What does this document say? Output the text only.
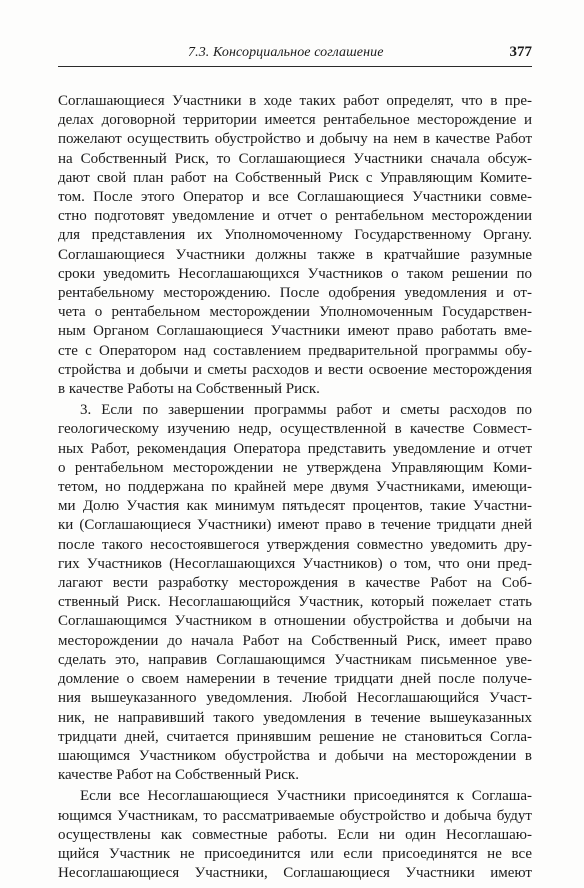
7.3. Консорциальное соглашение	377

Соглашающиеся Участники в ходе таких работ определят, что в пре-

делах договорной территории имеется рентабельное месторождение и

пожелают осуществить обустройство и добычу на нем в качестве Работ

на Собственный Риск, то Соглашающиеся Участники сначала обсуж-

дают свой план работ на Собственный Риск с Управляющим Комите-

том. После этого Оператор и все Соглашающиеся Участники совме-

стно подготовят уведомление и отчет о рентабельном месторождении

для представления их Уполномоченному Государственному Органу.

Соглашающиеся Участники должны также в кратчайшие разумные

сроки уведомить Несоглашающихся Участников о таком решении по

рентабельному месторождению. После одобрения уведомления и от-

чета о рентабельном месторождении Уполномоченным Государствен-

ным Органом Соглашающиеся Участники имеют право работать вме-

сте с Оператором над составлением предварительной программы обу-

стройства и добычи и сметы расходов и вести освоение месторождения

в качестве Работы на Собственный Риск.

3. Если по завершении программы работ и сметы расходов по

геологическому изучению недр, осуществленной в качестве Совмест-

ных Работ, рекомендация Оператора представить уведомление и отчет

о рентабельном месторождении не утверждена Управляющим Коми-

тетом, но поддержана по крайней мере двумя Участниками, имеющи-

ми Долю Участия как минимум пятьдесят процентов, такие Участни-

ки (Соглашающиеся Участники) имеют право в течение тридцати дней

после такого несостоявшегося утверждения совместно уведомить дру-

гих Участников (Несоглашающихся Участников) о том, что они пред-

лагают вести разработку месторождения в качестве Работ на Соб-

ственный Риск. Несоглашающийся Участник, который пожелает стать

Соглашающимся Участником в отношении обустройства и добычи на

месторождении до начала Работ на Собственный Риск, имеет право

сделать это, направив Соглашающимся Участникам письменное уве-

домление о своем намерении в течение тридцати дней после получе-

ния вышеуказанного уведомления. Любой Несоглашающийся Участ-

ник, не направивший такого уведомления в течение вышеуказанных

тридцати дней, считается принявшим решение не становиться Согла-

шающимся Участником обустройства и добычи на месторождении в

качестве Работ на Собственный Риск.

Если все Несоглашающиеся Участники присоединятся к Соглаша-

ющимся Участникам, то рассматриваемые обустройство и добыча будут

осуществлены как совместные работы. Если ни один Несоглашаю-

щийся Участник не присоединится или если присоединятся не все

Несоглашающиеся Участники, Соглашающиеся Участники имеют
